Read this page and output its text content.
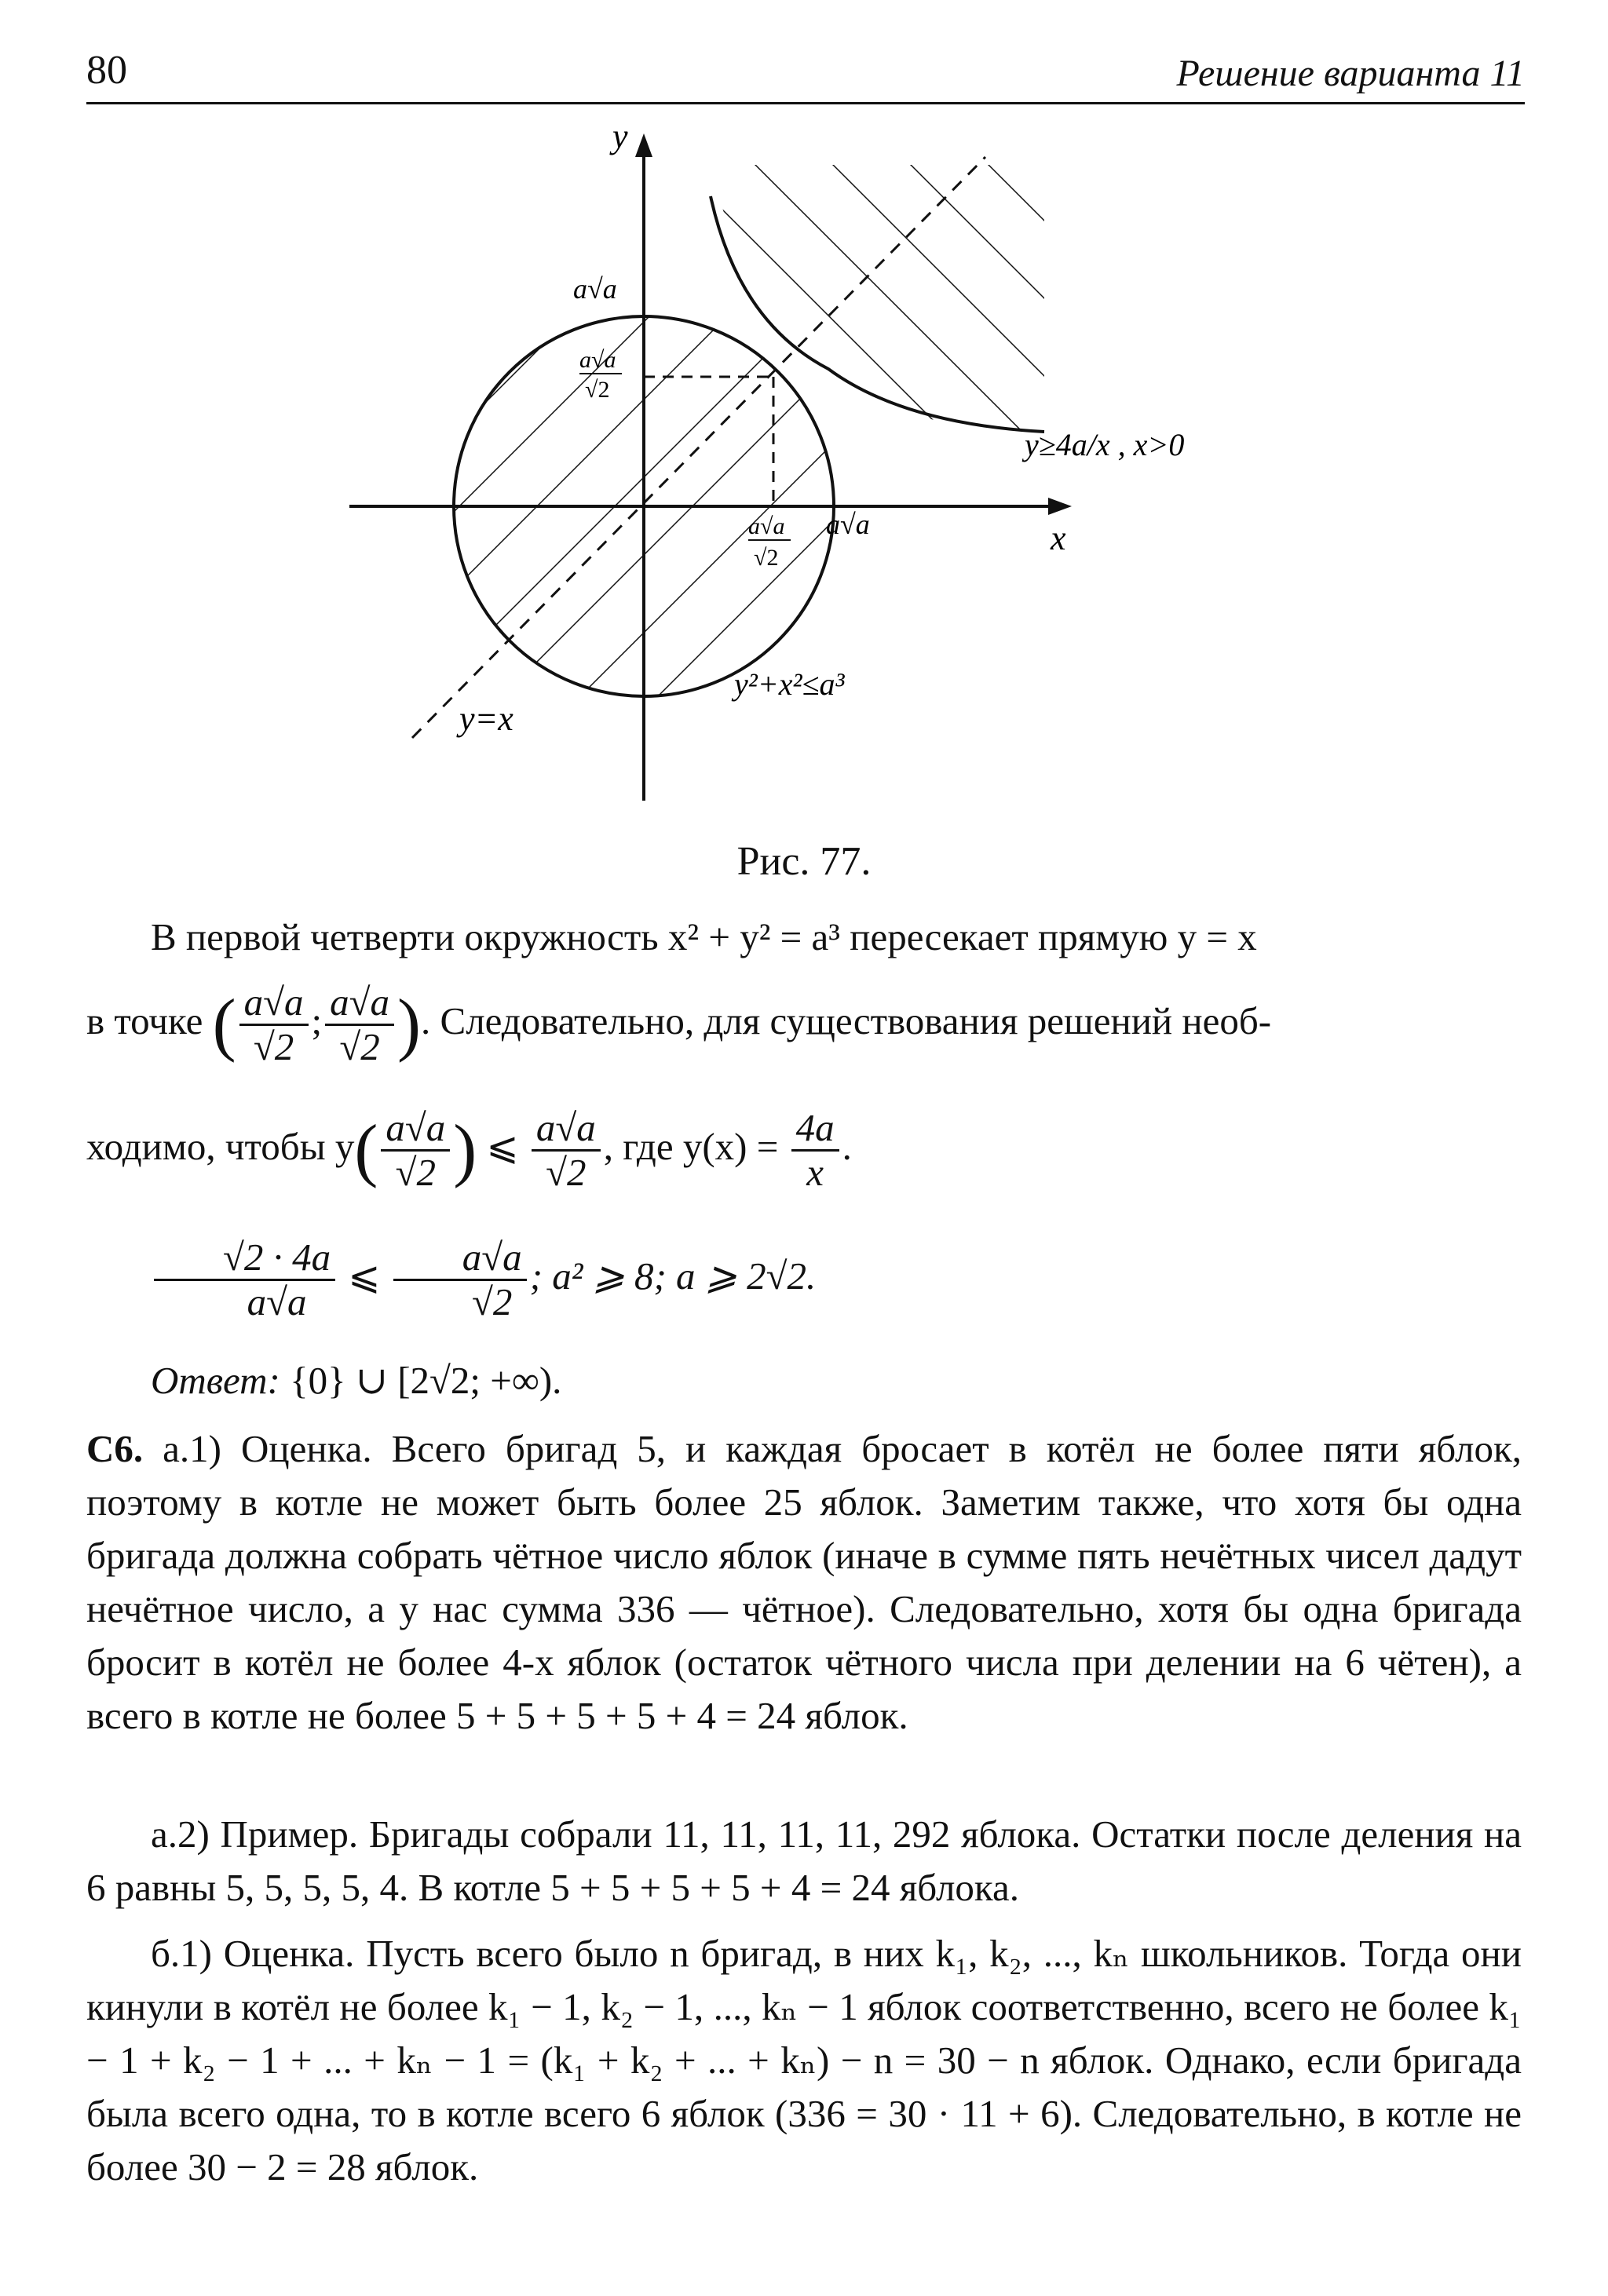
80	Решение варианта 11
y
x
a√a
a√a
√2
a√a
√2
a√a
y≥4a/x , x>0
y²+x²≤a³
y=x
Рис. 77.
В первой четверти окружность x² + y² = a³ пересекает прямую y = x
в точке ( $\frac{a√a}{√2}$ ; $\frac{a√a}{√2}$ ). Следовательно, для существования решений необ-
ходимо, чтобы $y( \frac{a√a}{√2}$ ) ⩽ $\frac{a√a}{√2}$ , где $y(x) = \frac{4a}{x}$ .
$\frac{√2 \cdot 4a}{a√a}$ ⩽ $\frac{a√a}{√2}$ ; a² ⩾ 8; a ⩾ 2√2.
Ответ: {0} ∪ [2√2; +∞).
С6. а.1) Оценка. Всего бригад 5, и каждая бросает в котёл не более пяти яблок, поэтому в котле не может быть более 25 яблок. Заметим также, что хотя бы одна бригада должна собрать чётное число яблок (иначе в сумме пять нечётных чисел дадут нечётное число, а у нас сумма 336 — чётное). Следовательно, хотя бы одна бригада бросит в котёл не более 4-х яблок (остаток чётного числа при делении на 6 чётен), а всего в котле не более 5 + 5 + 5 + 5 + 4 = 24 яблок.
а.2) Пример. Бригады собрали 11, 11, 11, 11, 292 яблока. Остатки после деления на 6 равны 5, 5, 5, 5, 4. В котле 5 + 5 + 5 + 5 + 4 = 24 яблока.
б.1) Оценка. Пусть всего было n бригад, в них k₁, k₂, ..., kₙ школьников. Тогда они кинули в котёл не более k₁ − 1, k₂ − 1, ..., kₙ − 1 яблок соответственно, всего не более k₁ − 1 + k₂ − 1 + ... + kₙ − 1 = (k₁ + k₂ + ... + kₙ) − n = 30 − n яблок. Однако, если бригада была всего одна, то в котле всего 6 яблок (336 = 30 · 11 + 6). Следовательно, в котле не более 30 − 2 = 28 яблок.
